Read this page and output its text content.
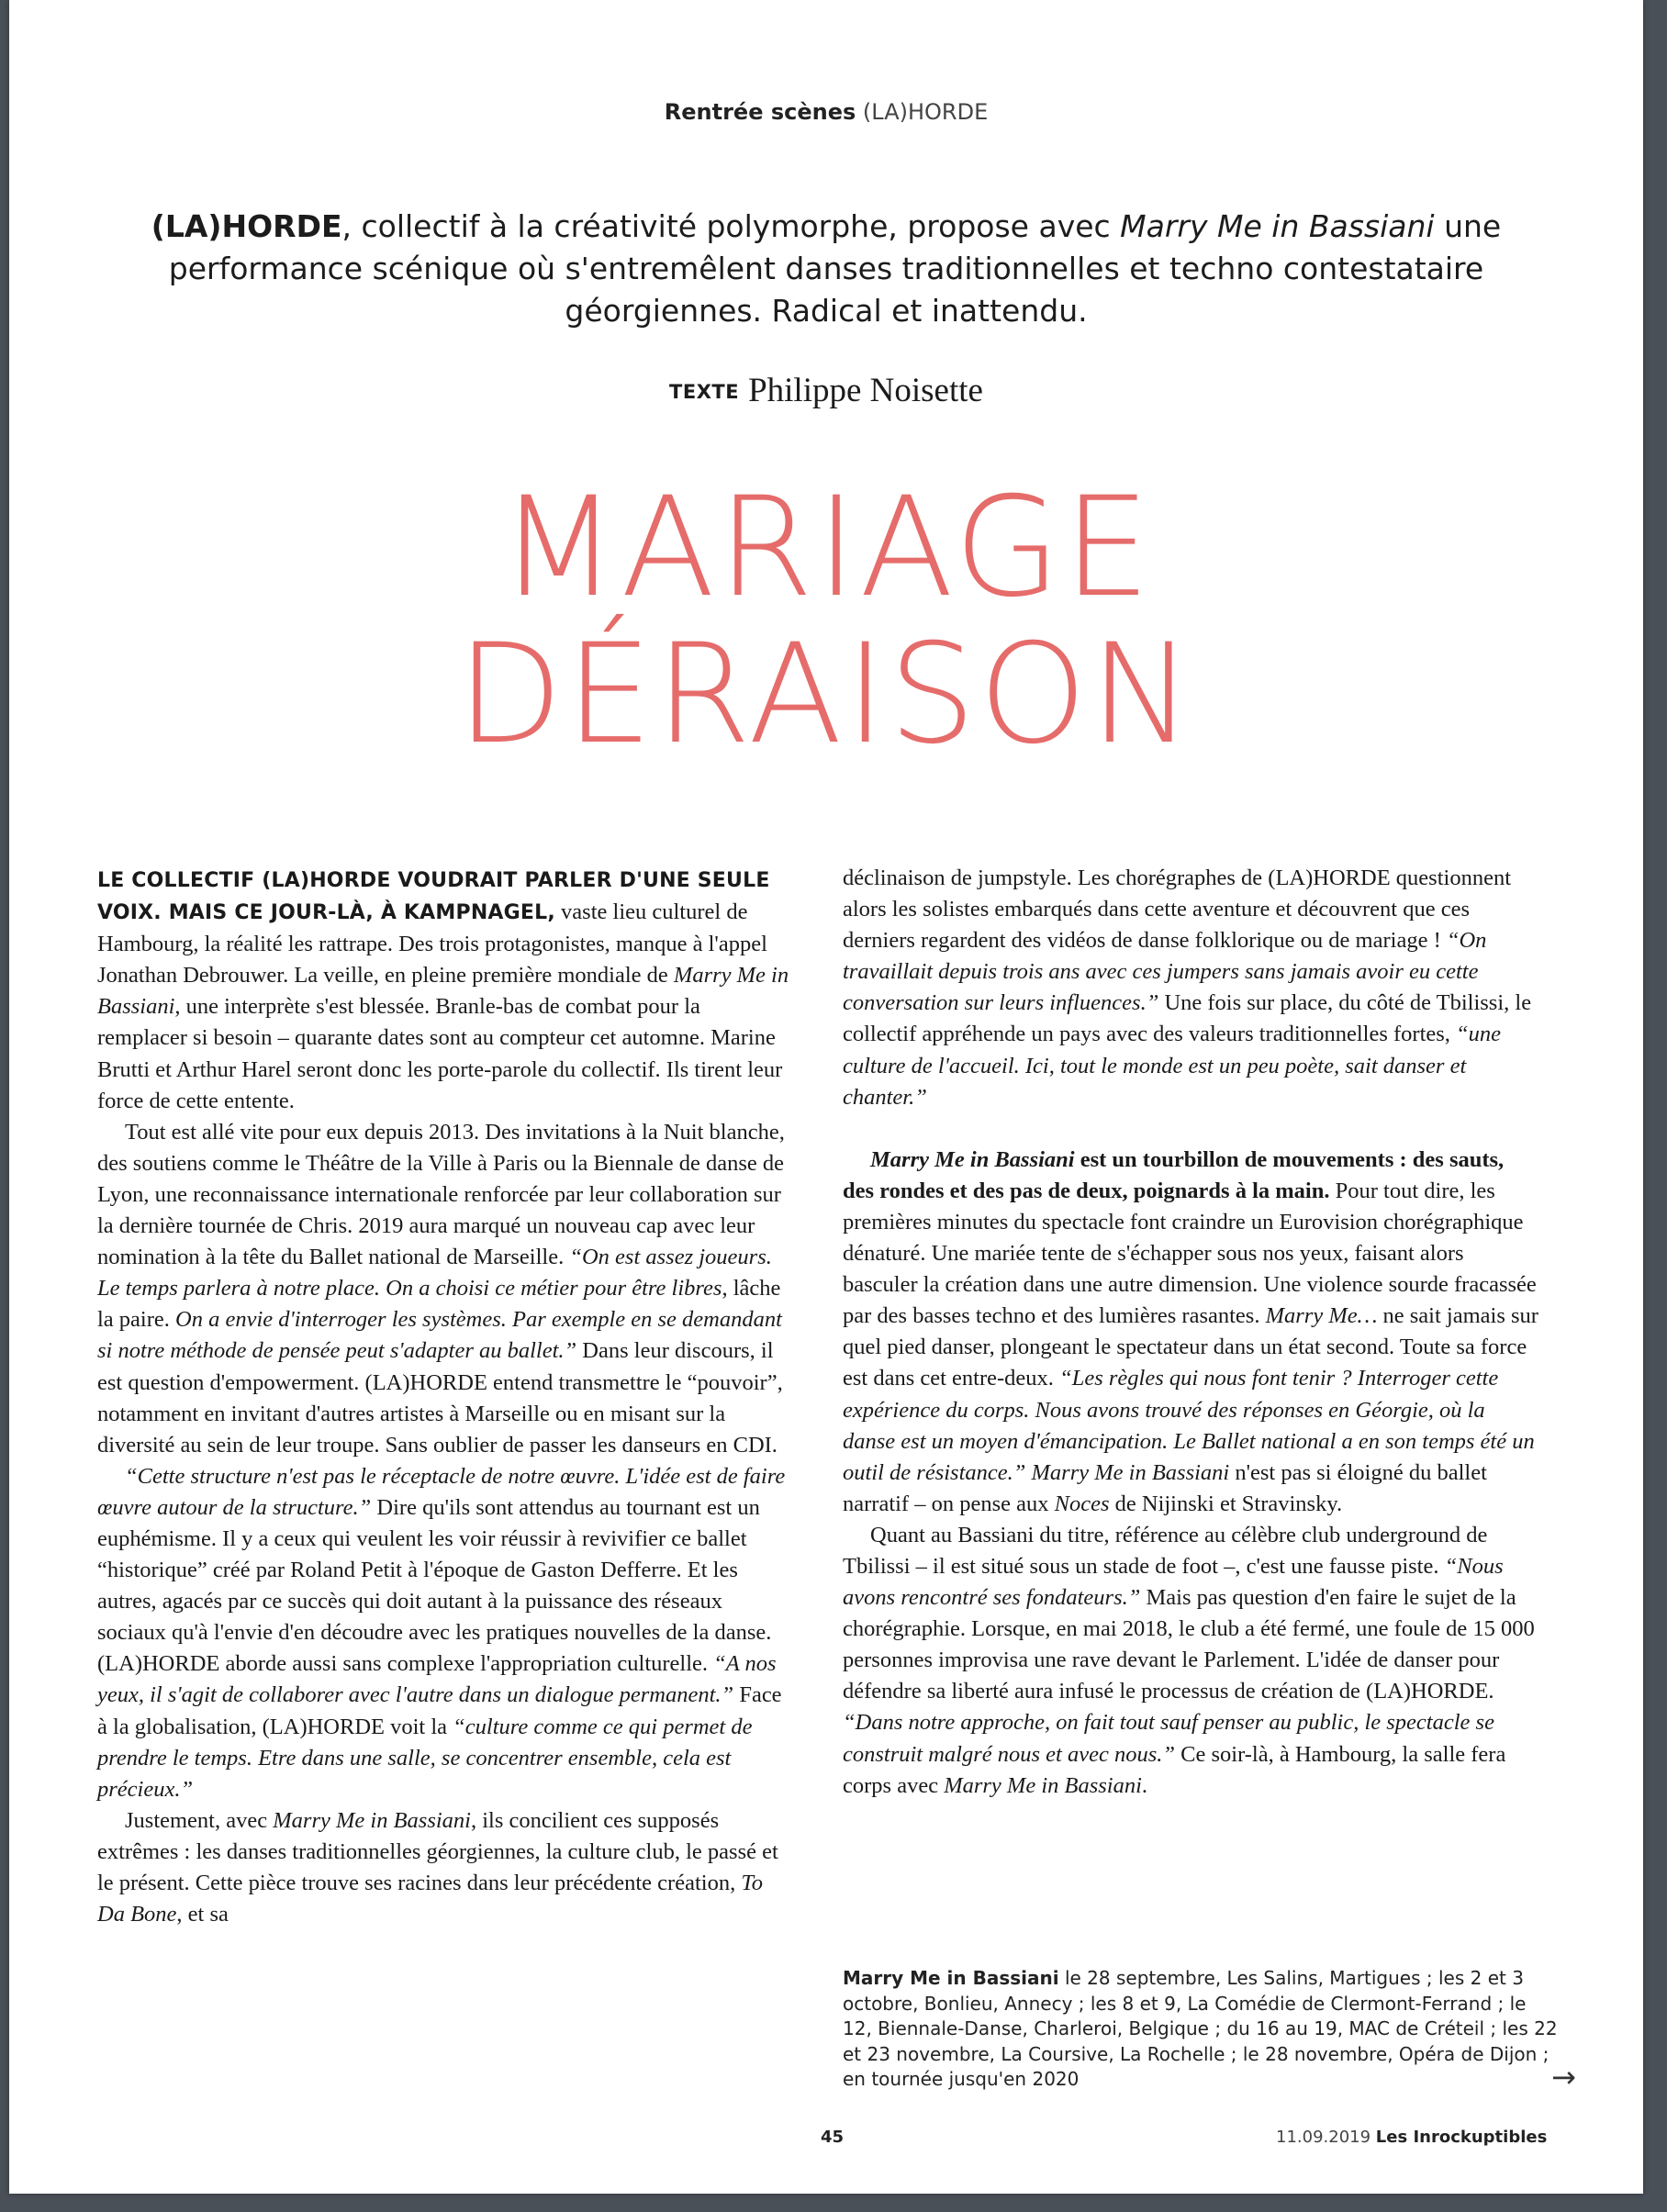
Rentrée scènes (LA)HORDE
(LA)HORDE, collectif à la créativité polymorphe, propose avec Marry Me in Bassiani une performance scénique où s'entremêlent danses traditionnelles et techno contestataire géorgiennes. Radical et inattendu.
TEXTE Philippe Noisette
MARIAGE
DÉRAISON

LE COLLECTIF (LA)HORDE VOUDRAIT PARLER D'UNE SEULE VOIX. MAIS CE JOUR-LÀ, À KAMPNAGEL, vaste lieu culturel de Hambourg, la réalité les rattrape. Des trois protagonistes, manque à l'appel Jonathan Debrouwer. La veille, en pleine première mondiale de Marry Me in Bassiani, une interprète s'est blessée. Branle-bas de combat pour la remplacer si besoin – quarante dates sont au compteur cet automne. Marine Brutti et Arthur Harel seront donc les porte-parole du collectif. Ils tirent leur force de cette entente.

Tout est allé vite pour eux depuis 2013. Des invitations à la Nuit blanche, des soutiens comme le Théâtre de la Ville à Paris ou la Biennale de danse de Lyon, une reconnaissance internationale renforcée par leur collaboration sur la dernière tournée de Chris. 2019 aura marqué un nouveau cap avec leur nomination à la tête du Ballet national de Marseille. “On est assez joueurs. Le temps parlera à notre place. On a choisi ce métier pour être libres, lâche la paire. On a envie d'interroger les systèmes. Par exemple en se demandant si notre méthode de pensée peut s'adapter au ballet.” Dans leur discours, il est question d'empowerment. (LA)HORDE entend transmettre le “pouvoir”, notamment en invitant d'autres artistes à Marseille ou en misant sur la diversité au sein de leur troupe. Sans oublier de passer les danseurs en CDI.

“Cette structure n'est pas le réceptacle de notre œuvre. L'idée est de faire œuvre autour de la structure.” Dire qu'ils sont attendus au tournant est un euphémisme. Il y a ceux qui veulent les voir réussir à revivifier ce ballet “historique” créé par Roland Petit à l'époque de Gaston Defferre. Et les autres, agacés par ce succès qui doit autant à la puissance des réseaux sociaux qu'à l'envie d'en découdre avec les pratiques nouvelles de la danse. (LA)HORDE aborde aussi sans complexe l'appropriation culturelle. “A nos yeux, il s'agit de collaborer avec l'autre dans un dialogue permanent.” Face à la globalisation, (LA)HORDE voit la “culture comme ce qui permet de prendre le temps. Etre dans une salle, se concentrer ensemble, cela est précieux.”

Justement, avec Marry Me in Bassiani, ils concilient ces supposés extrêmes : les danses traditionnelles géorgiennes, la culture club, le passé et le présent. Cette pièce trouve ses racines dans leur précédente création, To Da Bone, et sa

déclinaison de jumpstyle. Les chorégraphes de (LA)HORDE questionnent alors les solistes embarqués dans cette aventure et découvrent que ces derniers regardent des vidéos de danse folklorique ou de mariage ! “On travaillait depuis trois ans avec ces jumpers sans jamais avoir eu cette conversation sur leurs influences.” Une fois sur place, du côté de Tbilissi, le collectif appréhende un pays avec des valeurs traditionnelles fortes, “une culture de l'accueil. Ici, tout le monde est un peu poète, sait danser et chanter.”

Marry Me in Bassiani est un tourbillon de mouvements : des sauts, des rondes et des pas de deux, poignards à la main. Pour tout dire, les premières minutes du spectacle font craindre un Eurovision chorégraphique dénaturé. Une mariée tente de s'échapper sous nos yeux, faisant alors basculer la création dans une autre dimension. Une violence sourde fracassée par des basses techno et des lumières rasantes. Marry Me… ne sait jamais sur quel pied danser, plongeant le spectateur dans un état second. Toute sa force est dans cet entre-deux. “Les règles qui nous font tenir ? Interroger cette expérience du corps. Nous avons trouvé des réponses en Géorgie, où la danse est un moyen d'émancipation. Le Ballet national a en son temps été un outil de résistance.” Marry Me in Bassiani n'est pas si éloigné du ballet narratif – on pense aux Noces de Nijinski et Stravinsky.

Quant au Bassiani du titre, référence au célèbre club underground de Tbilissi – il est situé sous un stade de foot –, c'est une fausse piste. “Nous avons rencontré ses fondateurs.” Mais pas question d'en faire le sujet de la chorégraphie. Lorsque, en mai 2018, le club a été fermé, une foule de 15 000 personnes improvisa une rave devant le Parlement. L'idée de danser pour défendre sa liberté aura infusé le processus de création de (LA)HORDE. “Dans notre approche, on fait tout sauf penser au public, le spectacle se construit malgré nous et avec nous.” Ce soir-là, à Hambourg, la salle fera corps avec Marry Me in Bassiani.

Marry Me in Bassiani le 28 septembre, Les Salins, Martigues ; les 2 et 3 octobre, Bonlieu, Annecy ; les 8 et 9, La Comédie de Clermont-Ferrand ; le 12, Biennale-Danse, Charleroi, Belgique ; du 16 au 19, MAC de Créteil ; les 22 et 23 novembre, La Coursive, La Rochelle ; le 28 novembre, Opéra de Dijon ; en tournée jusqu'en 2020	→
45	11.09.2019 Les Inrockuptibles
